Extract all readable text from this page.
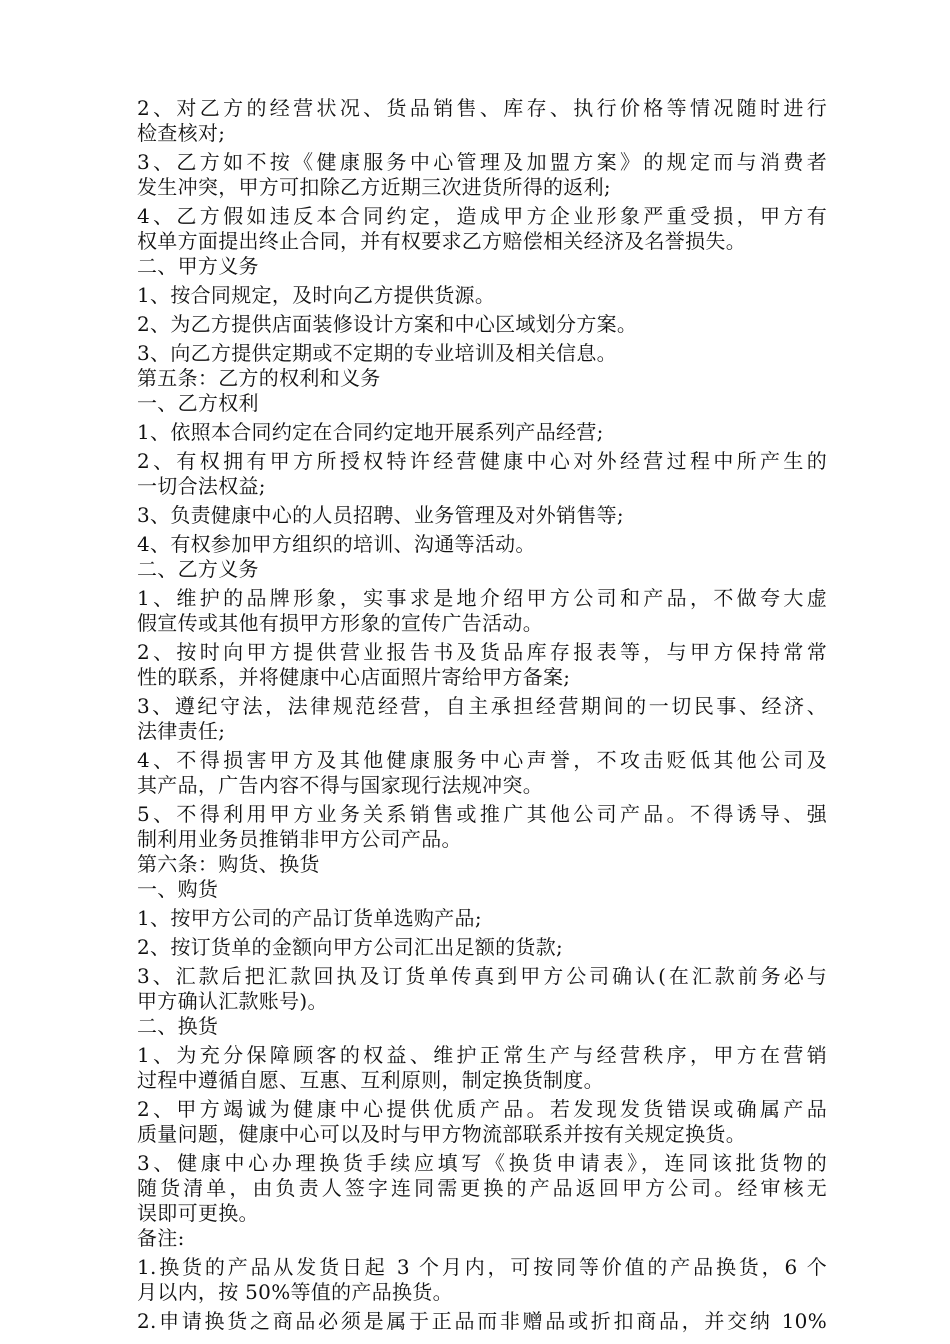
2、对乙方的经营状况、货品销售、库存、执行价格等情况随时进行
检查核对;
3、乙方如不按《健康服务中心管理及加盟方案》的规定而与消费者
发生冲突，甲方可扣除乙方近期三次进货所得的返利;
4、乙方假如违反本合同约定，造成甲方企业形象严重受损，甲方有
权单方面提出终止合同，并有权要求乙方赔偿相关经济及名誉损失。
二、甲方义务
1、按合同规定，及时向乙方提供货源。
2、为乙方提供店面装修设计方案和中心区域划分方案。
3、向乙方提供定期或不定期的专业培训及相关信息。
第五条：乙方的权利和义务
一、乙方权利
1、依照本合同约定在合同约定地开展系列产品经营;
2、有权拥有甲方所授权特许经营健康中心对外经营过程中所产生的
一切合法权益;
3、负责健康中心的人员招聘、业务管理及对外销售等;
4、有权参加甲方组织的培训、沟通等活动。
二、乙方义务
1、维护的品牌形象，实事求是地介绍甲方公司和产品，不做夸大虚
假宣传或其他有损甲方形象的宣传广告活动。
2、按时向甲方提供营业报告书及货品库存报表等，与甲方保持常常
性的联系，并将健康中心店面照片寄给甲方备案;
3、遵纪守法，法律规范经营，自主承担经营期间的一切民事、经济、
法律责任;
4、不得损害甲方及其他健康服务中心声誉，不攻击贬低其他公司及
其产品，广告内容不得与国家现行法规冲突。
5、不得利用甲方业务关系销售或推广其他公司产品。不得诱导、强
制利用业务员推销非甲方公司产品。
第六条：购货、换货
一、购货
1、按甲方公司的产品订货单选购产品;
2、按订货单的金额向甲方公司汇出足额的货款;
3、汇款后把汇款回执及订货单传真到甲方公司确认(在汇款前务必与
甲方确认汇款账号)。
二、换货
1、为充分保障顾客的权益、维护正常生产与经营秩序，甲方在营销
过程中遵循自愿、互惠、互利原则，制定换货制度。
2、甲方竭诚为健康中心提供优质产品。若发现发货错误或确属产品
质量问题，健康中心可以及时与甲方物流部联系并按有关规定换货。
3、健康中心办理换货手续应填写《换货申请表》，连同该批货物的
随货清单，由负责人签字连同需更换的产品返回甲方公司。经审核无
误即可更换。
备注:
1.换货的产品从发货日起 3 个月内，可按同等价值的产品换货，6 个
月以内，按 50%等值的产品换货。
2.申请换货之商品必须是属于正品而非赠品或折扣商品，并交纳 10%
